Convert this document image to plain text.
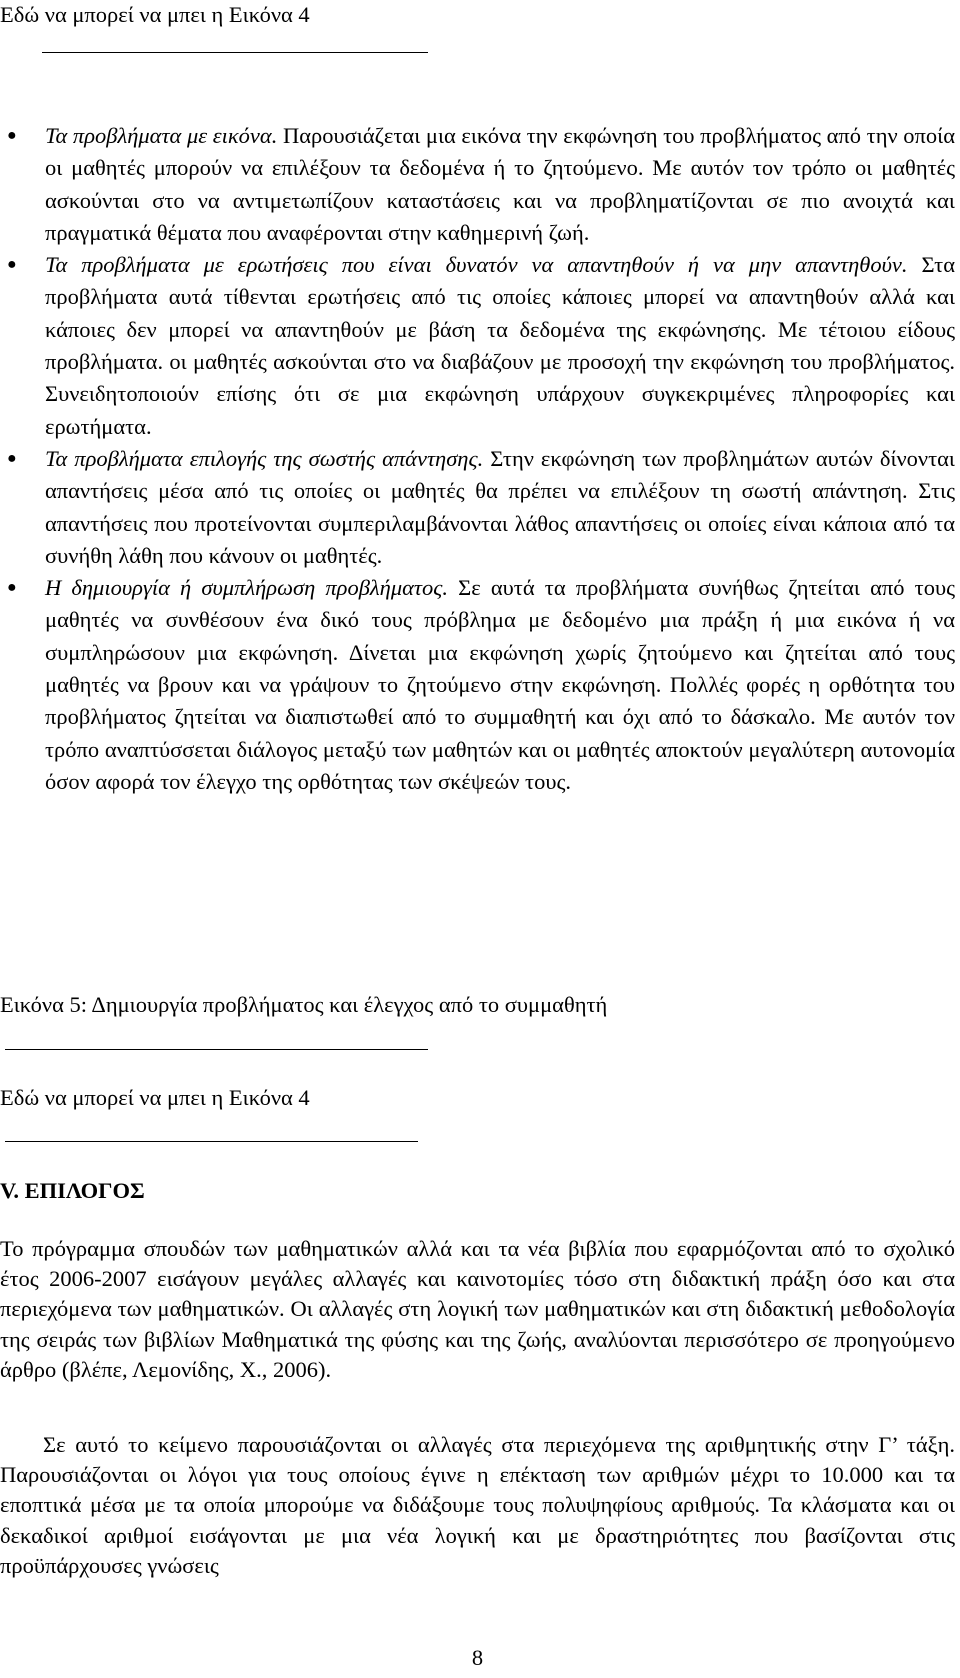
Εδώ να μπορεί να μπει η Εικόνα 4
● Τα προβλήματα με εικόνα. Παρουσιάζεται μια εικόνα την εκφώνηση του προβλήματος από την οποία οι μαθητές μπορούν να επιλέξουν τα δεδομένα ή το ζητούμενο. Με αυτόν τον τρόπο οι μαθητές ασκούνται στο να αντιμετωπίζουν καταστάσεις και να προβληματίζονται σε πιο ανοιχτά και πραγματικά θέματα που αναφέρονται στην καθημερινή ζωή.
● Τα προβλήματα με ερωτήσεις που είναι δυνατόν να απαντηθούν ή να μην απαντηθούν. Στα προβλήματα αυτά τίθενται ερωτήσεις από τις οποίες κάποιες μπορεί να απαντηθούν αλλά και κάποιες δεν μπορεί να απαντηθούν με βάση τα δεδομένα της εκφώνησης. Με τέτοιου είδους προβλήματα. οι μαθητές ασκούνται στο να διαβάζουν με προσοχή την εκφώνηση του προβλήματος. Συνειδητοποιούν επίσης ότι σε μια εκφώνηση υπάρχουν συγκεκριμένες πληροφορίες και ερωτήματα.
● Τα προβλήματα επιλογής της σωστής απάντησης. Στην εκφώνηση των προβλημάτων αυτών δίνονται απαντήσεις μέσα από τις οποίες οι μαθητές θα πρέπει να επιλέξουν τη σωστή απάντηση. Στις απαντήσεις που προτείνονται συμπεριλαμβάνονται λάθος απαντήσεις οι οποίες είναι κάποια από τα συνήθη λάθη που κάνουν οι μαθητές.
● Η δημιουργία ή συμπλήρωση προβλήματος. Σε αυτά τα προβλήματα συνήθως ζητείται από τους μαθητές να συνθέσουν ένα δικό τους πρόβλημα με δεδομένο μια πράξη ή μια εικόνα ή να συμπληρώσουν μια εκφώνηση. Δίνεται μια εκφώνηση χωρίς ζητούμενο και ζητείται από τους μαθητές να βρουν και να γράψουν το ζητούμενο στην εκφώνηση. Πολλές φορές η ορθότητα του προβλήματος ζητείται να διαπιστωθεί από το συμμαθητή και όχι από το δάσκαλο. Με αυτόν τον τρόπο αναπτύσσεται διάλογος μεταξύ των μαθητών και οι μαθητές αποκτούν μεγαλύτερη αυτονομία όσον αφορά τον έλεγχο της ορθότητας των σκέψεών τους.
Εικόνα 5: Δημιουργία προβλήματος και έλεγχος από το συμμαθητή
Εδώ να μπορεί να μπει η Εικόνα 4
V. ΕΠΙΛΟΓΟΣ
Το πρόγραμμα σπουδών των μαθηματικών αλλά και τα νέα βιβλία που εφαρμόζονται από το σχολικό έτος 2006-2007 εισάγουν μεγάλες αλλαγές και καινοτομίες τόσο στη διδακτική πράξη όσο και στα περιεχόμενα των μαθηματικών. Οι αλλαγές στη λογική των μαθηματικών και στη διδακτική μεθοδολογία της σειράς των βιβλίων Μαθηματικά της φύσης και της ζωής, αναλύονται περισσότερο σε προηγούμενο άρθρο (βλέπε, Λεμονίδης, Χ., 2006).
Σε αυτό το κείμενο παρουσιάζονται οι αλλαγές στα περιεχόμενα της αριθμητικής στην Γ’ τάξη. Παρουσιάζονται οι λόγοι για τους οποίους έγινε η επέκταση των αριθμών μέχρι το 10.000 και τα εποπτικά μέσα με τα οποία μπορούμε να διδάξουμε τους πολυψηφίους αριθμούς. Τα κλάσματα και οι δεκαδικοί αριθμοί εισάγονται με μια νέα λογική και με δραστηριότητες που βασίζονται στις προϋπάρχουσες γνώσεις
8
